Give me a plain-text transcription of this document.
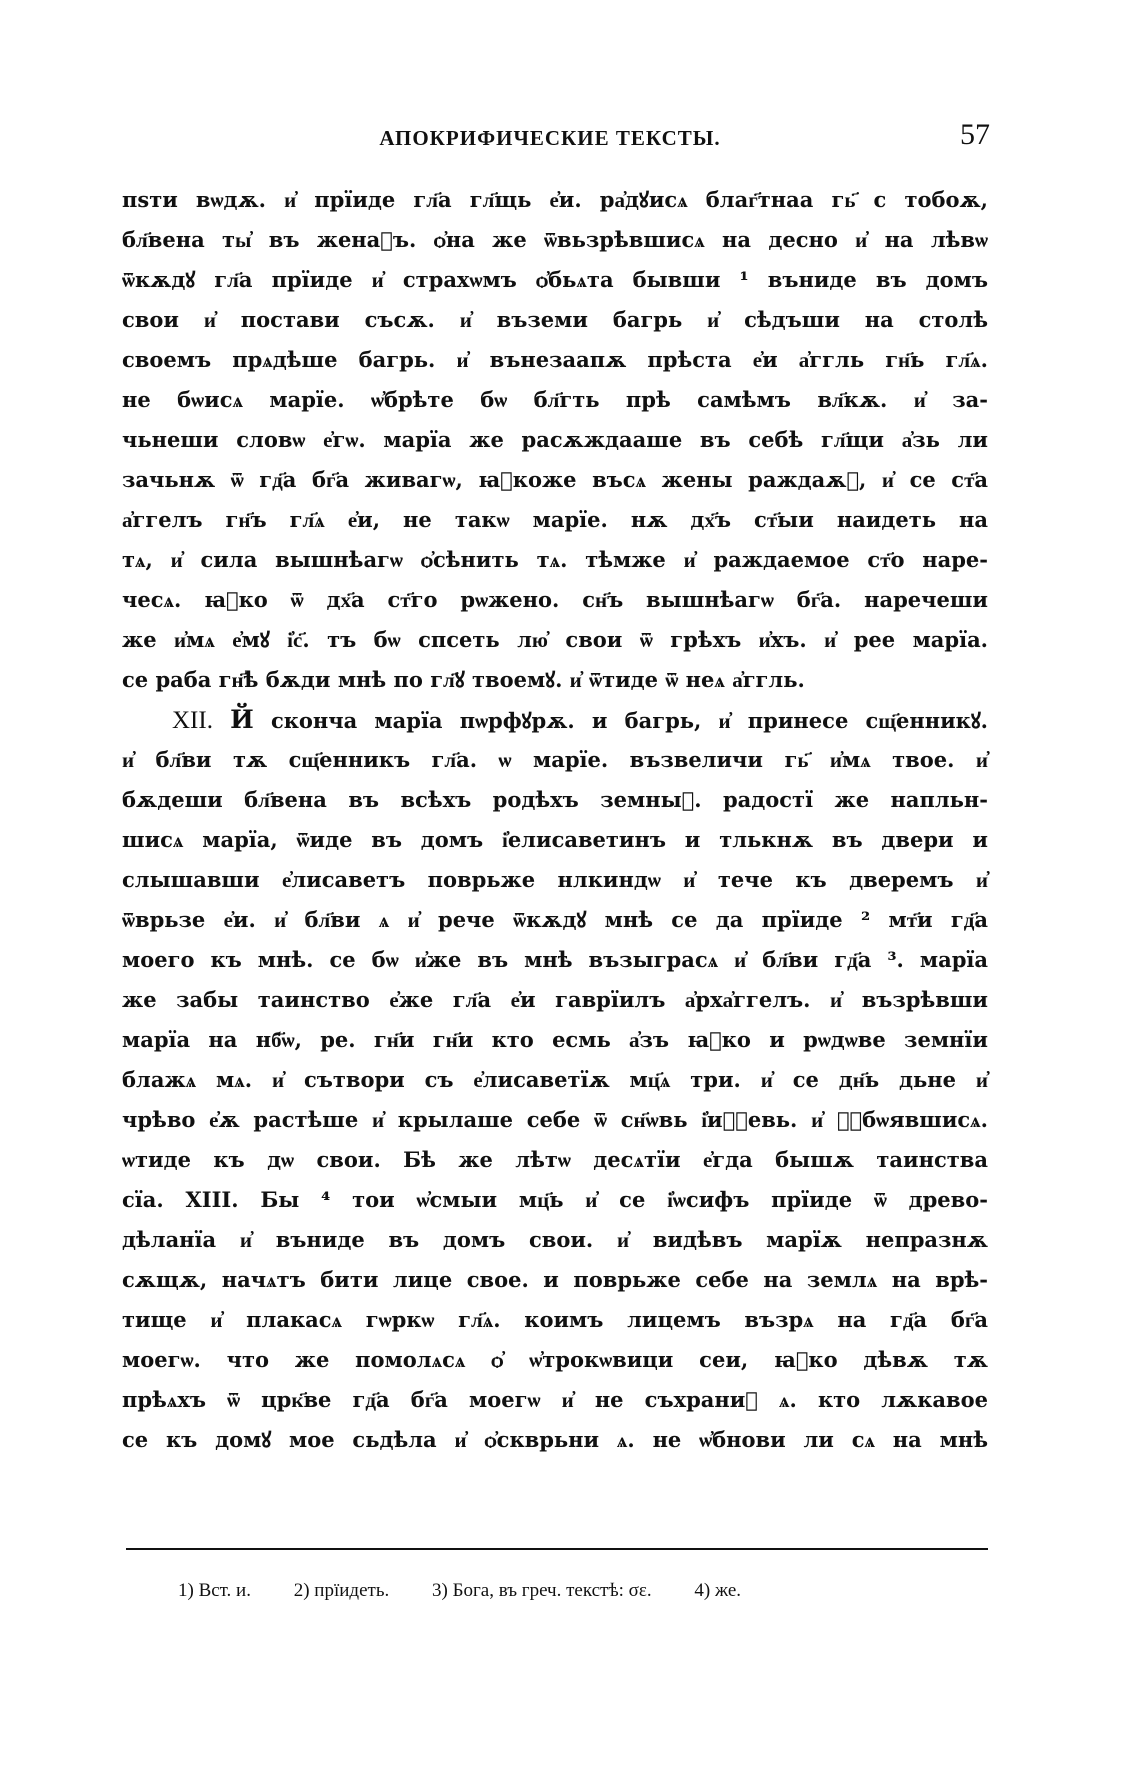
АПОКРИФИЧЕСКИЕ ТЕКСТЫ.	57
пѕти вѡдѫ. и҆ прїиде гл҃а гл҃щь е҆и. ра҆дꙋисѧ благ҃тнаа гь҃ с тобоѫ,
бл҃вена ты҆ въ женаⷯъ. ѻ҆на же ѿвьзрѣвшисѧ на десно и҆ на лѣвѡ
ѿкѫдꙋ гл҃а прїиде и҆ страхѡмъ ѻ҆бьѧта бывши ¹ вънидe въ домъ
свои и҆ постави съсѫ. и҆ въземи багрь и҆ сѣдъши на столѣ
своемъ прѧдѣше багрь. и҆ вънезаапѫ прѣста е҆и а҆ггль гн҃ь гл҃ѧ.
не бѡисѧ марїе. ѡ҆брѣте бѡ бл҃гть прѣ самѣмъ вл҃кѫ. и҆ за-
чьнеши словѡ е҆гѡ. марїа же расѫждааше въ себѣ гл҃щи а҆зь ли
зачьнѫ ѿ гд҃а бг҃а живагѡ, ꙗ҆коже въсѧ жены раждаѫⷮ, и҆ се ст҃а
а҆ггелъ гн҃ъ гл҃ѧ е҆и, не такѡ марїе. нѫ дх҃ъ ст҃ыи наидеть на
тѧ, и҆ сила вышнѣагѡ ѻ҆сѣнить тѧ. тѣмже и҆ раждаемое ст҃о наре-
чесѧ. ꙗ҆ко ѿ дх҃а ст҃го рѡжено. сн҃ъ вышнѣагѡ бг҃а. наречеши
же и҆мѧ е҆мꙋ і҆с҃. тъ бѡ спсеть лю҆ свои ѿ грѣхъ и҆хъ. и҆ рее марїа.
се раба гн҃ѣ бѫди мнѣ по гл҃ꙋ твоемꙋ. и҆ ѿтиде ѿ неѧ а҆ггль.
XII. Й сконча марїа пѡрфꙋрѫ. и багрь, и҆ принесе сщ҃енникꙋ.
и҆ бл҃ви тѫ сщ҃енникъ гл҃а. ѡ марїе. възвеличи гь҃ и҆мѧ твое. и҆
бѫдеши бл҃вена въ всѣхъ родѣхъ земныⷯ. радостї же напльн-
шисѧ марїа, ѿиде въ домъ і҆елисаветинъ и тлькнѫ въ двери и
слышавши е҆лисаветъ поврьже нлкиндѡ и҆ тече къ дверемъ и҆
ѿврьзе е҆и. и҆ бл҃ви ѧ и҆ рече ѿкѫдꙋ мнѣ се да прїиде ² мт҃и гд҃а
моего къ мнѣ. се бѡ и҆же въ мнѣ възыграсѧ и҆ бл҃ви гд҃а ³. марїа
же забы таинство е҆же гл҃а е҆и гаврїилъ а҆рха҆ггелъ. и҆ възрѣвши
марїа на нб҃ѡ, ре. гн҃и гн҃и кто есмь а҆зъ ꙗ҆ко и рѡдѡве земнїи
блажѧ мѧ. и҆ сътвори съ е҆лисаветїѫ мц҃ѧ три. и҆ се дн҃ь дьне и҆
чрѣво е҆ѫ растѣше и҆ крылаше себе ѿ сн҃ѡвь і҆иⷧ҇евь. и҆ ꙋ҆бѡявшисѧ.
ѡтиде къ дѡ свои. Бѣ же лѣтѡ десѧтїи е҆гда бышѫ таинства
сїа. XIII. Бы ⁴ тои ѡ҆смыи мц҃ь и҆ се і҆ѡсифъ прїиде ѿ древо-
дѣланїа и҆ вънидe въ домъ свои. и҆ видѣвъ марїѫ непразнѫ
сѫщѫ, начѧтъ бити лице свое. и поврьже себе на землѧ на врѣ-
тище и҆ плакасѧ гѡркѡ гл҃ѧ. коимъ лицемъ възрѧ на гд҃а бг҃а
моегѡ. что же помолѧсѧ ѻ҆ ѡ҆трокѡвици сеи, ꙗ҆ко дѣвѫ тѫ
прѣѧхъ ѿ црк҃ве гд҃а бг҃а моегѡ и҆ не съхраниⷯ ѧ. кто лѫкавое
се къ домꙋ мое сьдѣла и҆ ѻ҆скврьни ѧ. не ѡ҆бнови ли сѧ на мнѣ
1) Вст. и. 2) прїидеть. 3) Бога, въ греч. текстѣ: σε. 4) же.
